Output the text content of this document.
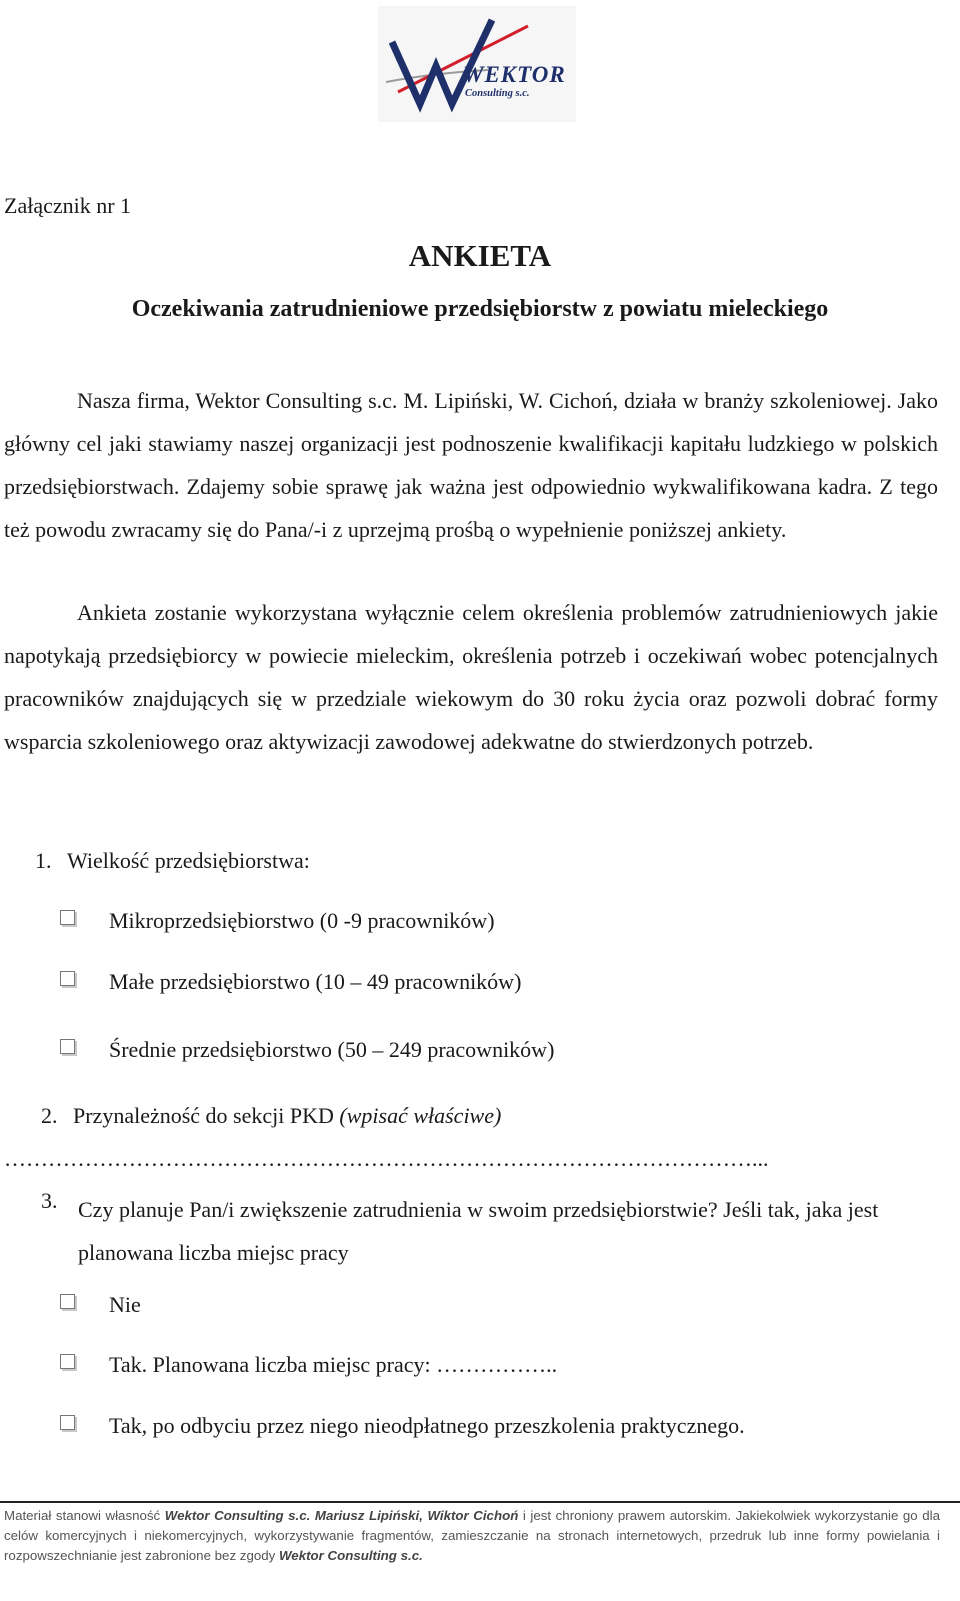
WEKTOR
Consulting s.c.
Załącznik nr 1
ANKIETA
Oczekiwania zatrudnieniowe przedsiębiorstw z powiatu mieleckiego
Nasza firma, Wektor Consulting s.c. M. Lipiński, W. Cichoń, działa w branży szkoleniowej. Jako główny cel jaki stawiamy naszej organizacji jest podnoszenie kwalifikacji kapitału ludzkiego w polskich przedsiębiorstwach. Zdajemy sobie sprawę jak ważna jest odpowiednio wykwalifikowana kadra. Z tego też powodu zwracamy się do Pana/-i z uprzejmą prośbą o wypełnienie poniższej ankiety.
Ankieta zostanie wykorzystana wyłącznie celem określenia problemów zatrudnieniowych jakie napotykają przedsiębiorcy w powiecie mieleckim, określenia potrzeb i oczekiwań wobec potencjalnych pracowników znajdujących się w przedziale wiekowym do 30 roku życia oraz pozwoli dobrać formy wsparcia szkoleniowego oraz aktywizacji zawodowej adekwatne do stwierdzonych potrzeb.
1. Wielkość przedsiębiorstwa:
Mikroprzedsiębiorstwo (0 -9 pracowników)
Małe przedsiębiorstwo (10 – 49 pracowników)
Średnie przedsiębiorstwo (50 – 249 pracowników)
2. Przynależność do sekcji PKD (wpisać właściwe)
…………………………………………………………………………………………...
3. Czy planuje Pan/i zwiększenie zatrudnienia w swoim przedsiębiorstwie? Jeśli tak, jaka jest planowana liczba miejsc pracy
Nie
Tak. Planowana liczba miejsc pracy: ……………..
Tak, po odbyciu przez niego nieodpłatnego przeszkolenia praktycznego.
Materiał stanowi własność Wektor Consulting s.c. Mariusz Lipiński, Wiktor Cichoń i jest chroniony prawem autorskim. Jakiekolwiek wykorzystanie go dla celów komercyjnych i niekomercyjnych, wykorzystywanie fragmentów, zamieszczanie na stronach internetowych, przedruk lub inne formy powielania i rozpowszechnianie jest zabronione bez zgody Wektor Consulting s.c.
